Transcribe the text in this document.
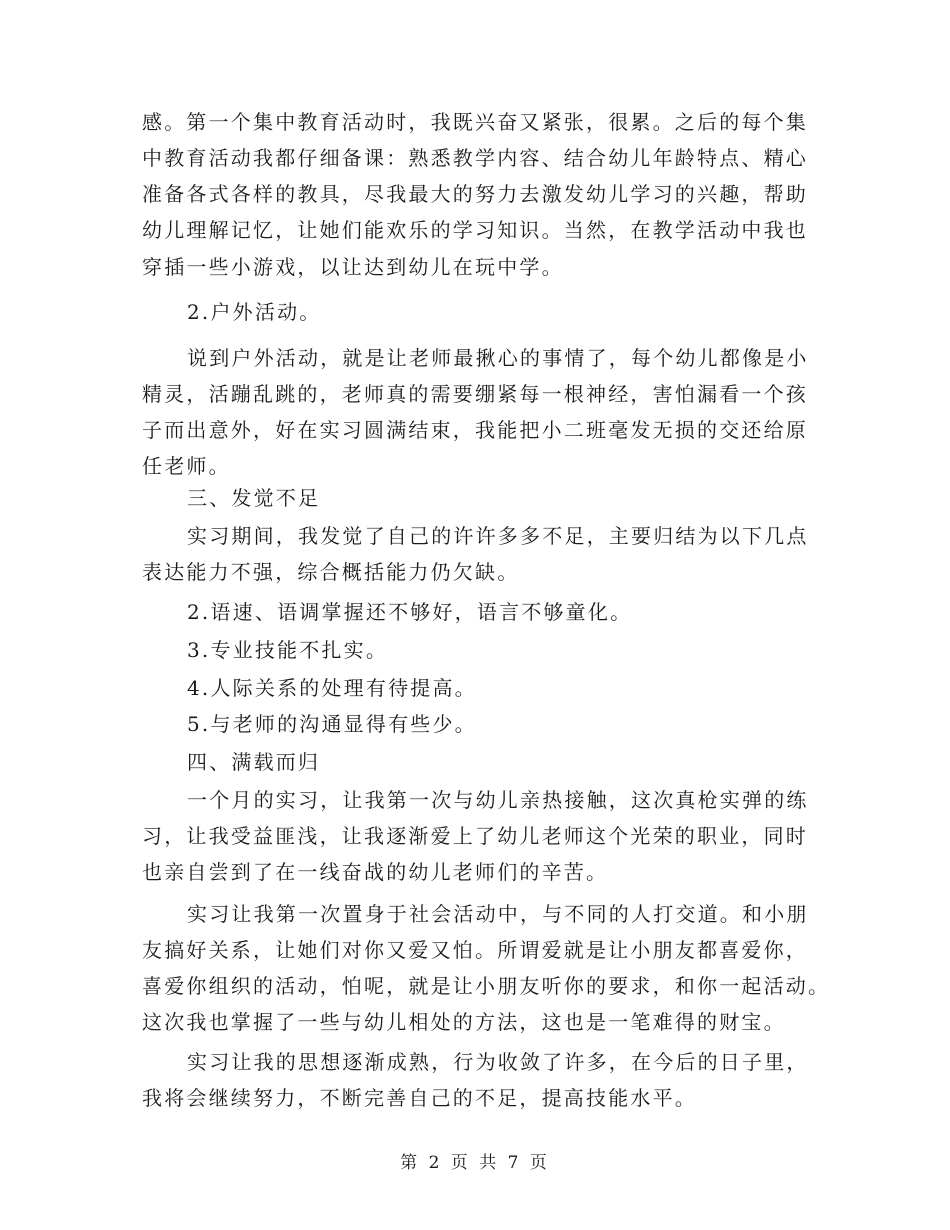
感。第一个集中教育活动时，我既兴奋又紧张，很累。之后的每个集
中教育活动我都仔细备课：熟悉教学内容、结合幼儿年龄特点、精心
准备各式各样的教具，尽我最大的努力去激发幼儿学习的兴趣，帮助
幼儿理解记忆，让她们能欢乐的学习知识。当然，在教学活动中我也
穿插一些小游戏，以让达到幼儿在玩中学。
2.户外活动。
说到户外活动，就是让老师最揪心的事情了，每个幼儿都像是小
精灵，活蹦乱跳的，老师真的需要绷紧每一根神经，害怕漏看一个孩
子而出意外，好在实习圆满结束，我能把小二班毫发无损的交还给原
任老师。
三、发觉不足
实习期间，我发觉了自己的许许多多不足，主要归结为以下几点
表达能力不强，综合概括能力仍欠缺。
2.语速、语调掌握还不够好，语言不够童化。
3.专业技能不扎实。
4.人际关系的处理有待提高。
5.与老师的沟通显得有些少。
四、满载而归
一个月的实习，让我第一次与幼儿亲热接触，这次真枪实弹的练
习，让我受益匪浅，让我逐渐爱上了幼儿老师这个光荣的职业，同时
也亲自尝到了在一线奋战的幼儿老师们的辛苦。
实习让我第一次置身于社会活动中，与不同的人打交道。和小朋
友搞好关系，让她们对你又爱又怕。所谓爱就是让小朋友都喜爱你，
喜爱你组织的活动，怕呢，就是让小朋友听你的要求，和你一起活动。
这次我也掌握了一些与幼儿相处的方法，这也是一笔难得的财宝。
实习让我的思想逐渐成熟，行为收敛了许多，在今后的日子里，
我将会继续努力，不断完善自己的不足，提高技能水平。
第 2 页 共 7 页
